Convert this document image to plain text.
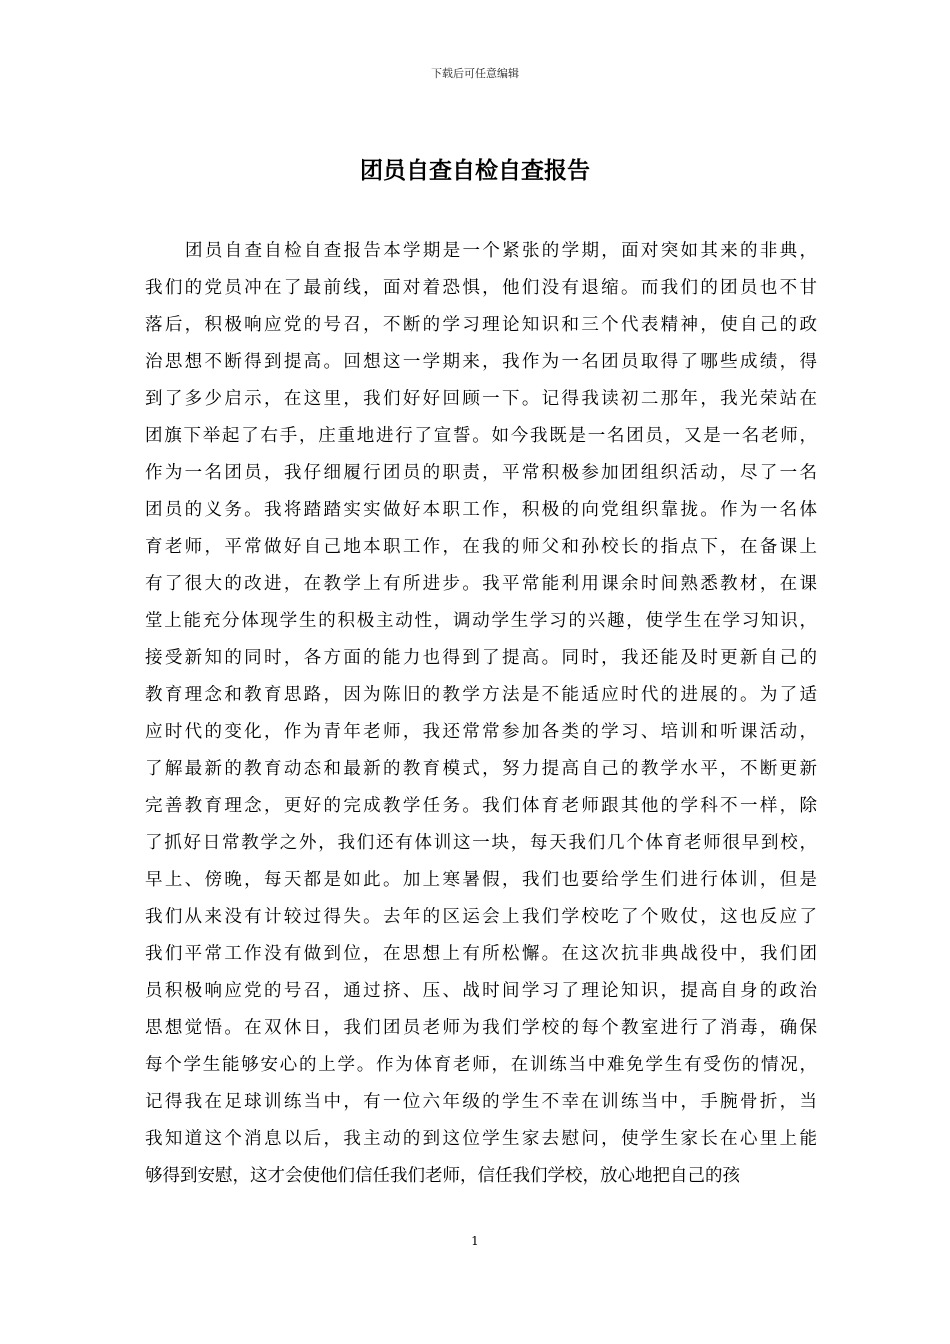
下载后可任意编辑
团员自查自检自查报告
团员自查自检自查报告本学期是一个紧张的学期，面对突如其来的非典，
我们的党员冲在了最前线，面对着恐惧，他们没有退缩。而我们的团员也不甘
落后，积极响应党的号召，不断的学习理论知识和三个代表精神，使自己的政
治思想不断得到提高。回想这一学期来，我作为一名团员取得了哪些成绩，得
到了多少启示，在这里，我们好好回顾一下。记得我读初二那年，我光荣站在
团旗下举起了右手，庄重地进行了宣誓。如今我既是一名团员，又是一名老师，
作为一名团员，我仔细履行团员的职责，平常积极参加团组织活动，尽了一名
团员的义务。我将踏踏实实做好本职工作，积极的向党组织靠拢。作为一名体
育老师，平常做好自己地本职工作，在我的师父和孙校长的指点下，在备课上
有了很大的改进，在教学上有所进步。我平常能利用课余时间熟悉教材，在课
堂上能充分体现学生的积极主动性，调动学生学习的兴趣，使学生在学习知识，
接受新知的同时，各方面的能力也得到了提高。同时，我还能及时更新自己的
教育理念和教育思路，因为陈旧的教学方法是不能适应时代的进展的。为了适
应时代的变化，作为青年老师，我还常常参加各类的学习、培训和听课活动，
了解最新的教育动态和最新的教育模式，努力提高自己的教学水平，不断更新
完善教育理念，更好的完成教学任务。我们体育老师跟其他的学科不一样，除
了抓好日常教学之外，我们还有体训这一块，每天我们几个体育老师很早到校，
早上、傍晚，每天都是如此。加上寒暑假，我们也要给学生们进行体训，但是
我们从来没有计较过得失。去年的区运会上我们学校吃了个败仗，这也反应了
我们平常工作没有做到位，在思想上有所松懈。在这次抗非典战役中，我们团
员积极响应党的号召，通过挤、压、战时间学习了理论知识，提高自身的政治
思想觉悟。在双休日，我们团员老师为我们学校的每个教室进行了消毒，确保
每个学生能够安心的上学。作为体育老师，在训练当中难免学生有受伤的情况，
记得我在足球训练当中，有一位六年级的学生不幸在训练当中，手腕骨折，当
我知道这个消息以后，我主动的到这位学生家去慰问，使学生家长在心里上能
够得到安慰，这才会使他们信任我们老师，信任我们学校，放心地把自己的孩
1
